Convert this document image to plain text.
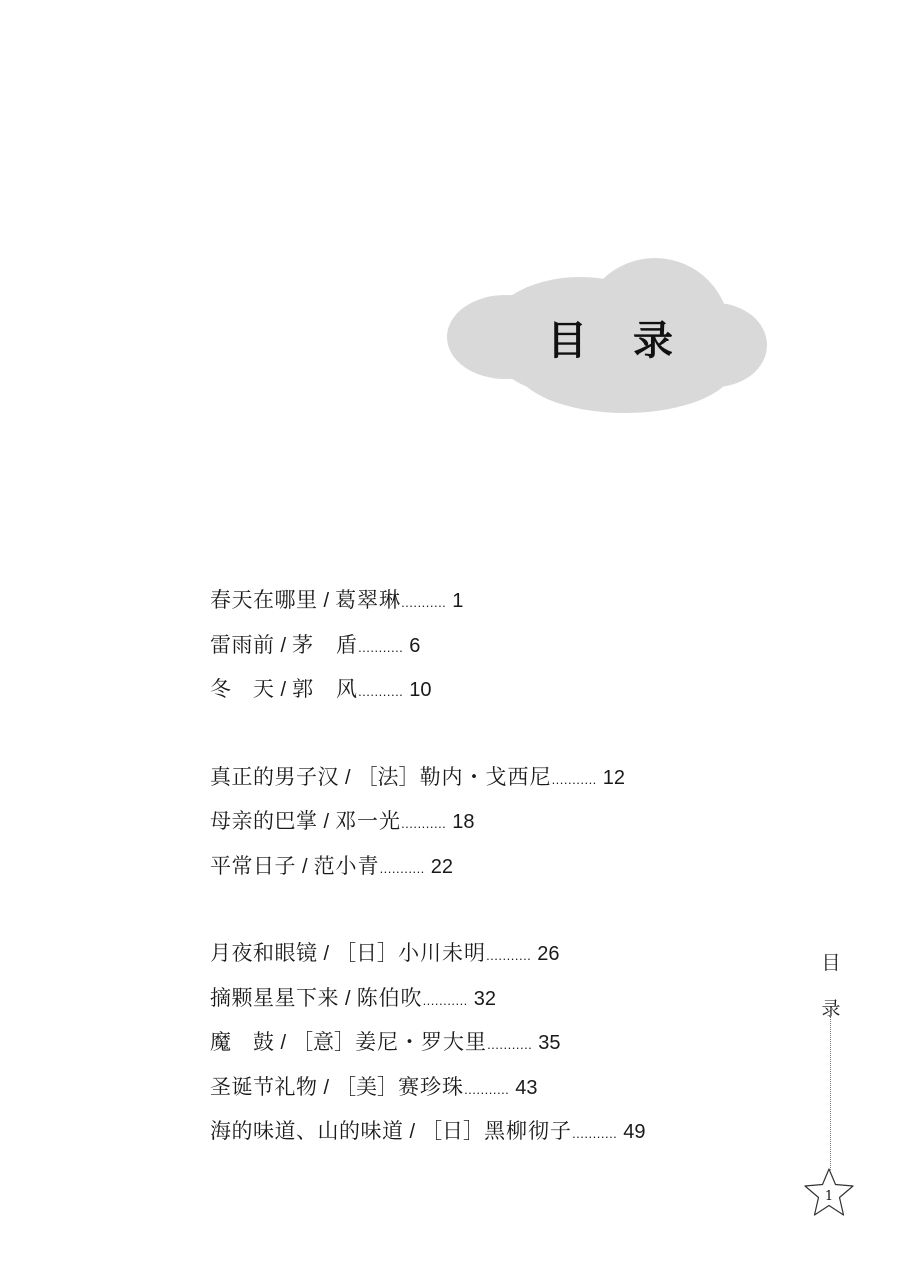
目 录
春天在哪里 / 葛翠琳........... 1
雷雨前 / 茅　盾........... 6
冬　天 / 郭　风........... 10
真正的男子汉 / ［法］勒内・戈西尼........... 12
母亲的巴掌 / 邓一光........... 18
平常日子 / 范小青........... 22
月夜和眼镜 / ［日］小川未明........... 26
摘颗星星下来 / 陈伯吹........... 32
魔　鼓 / ［意］姜尼・罗大里........... 35
圣诞节礼物 / ［美］赛珍珠........... 43
海的味道、山的味道 / ［日］黑柳彻子........... 49
目
录
1
